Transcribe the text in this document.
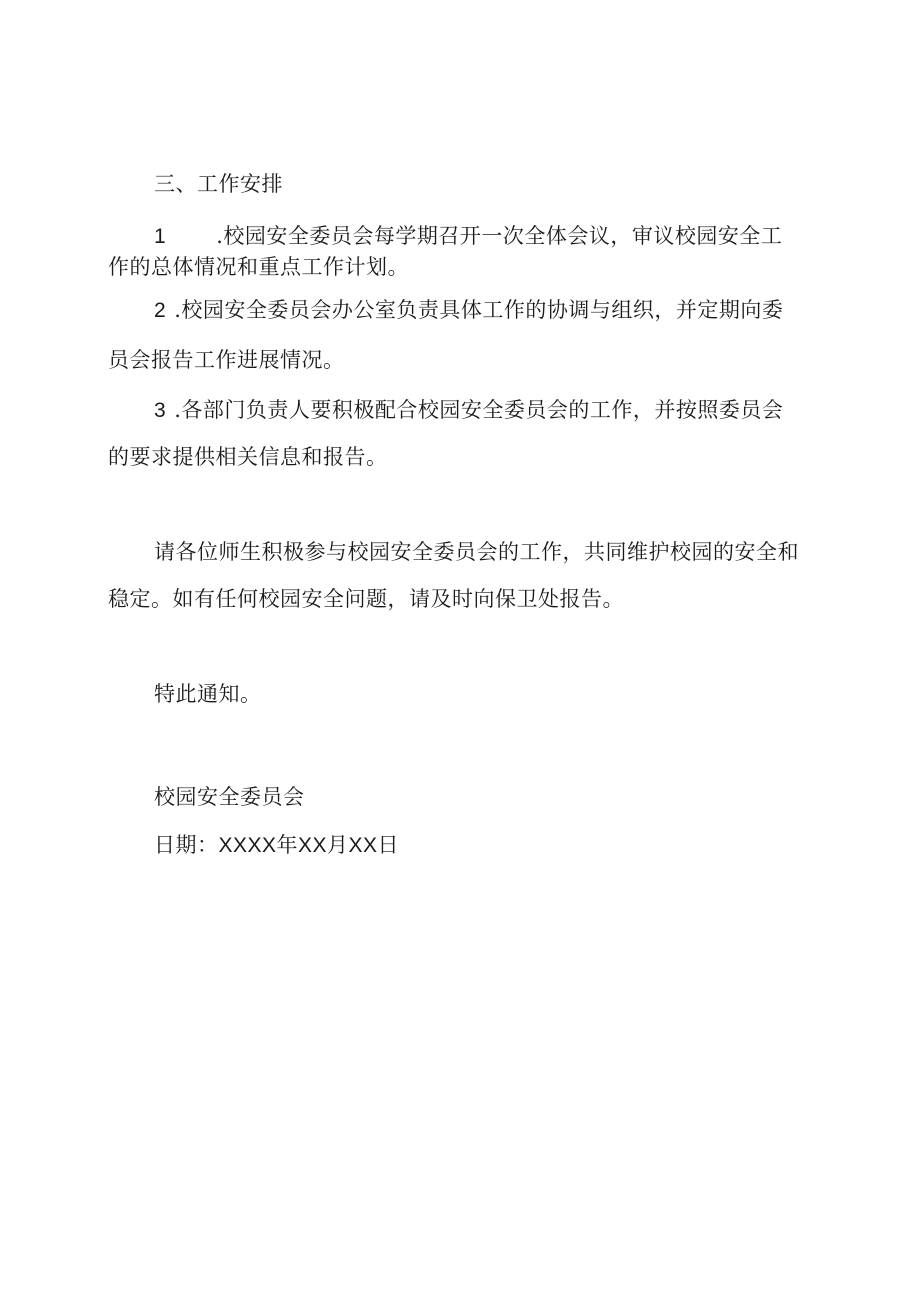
三、工作安排
1 .校园安全委员会每学期召开一次全体会议，审议校园安全工
作的总体情况和重点工作计划。
2 .校园安全委员会办公室负责具体工作的协调与组织，并定期向委
员会报告工作进展情况。
3 .各部门负责人要积极配合校园安全委员会的工作，并按照委员会
的要求提供相关信息和报告。
请各位师生积极参与校园安全委员会的工作，共同维护校园的安全和
稳定。如有任何校园安全问题，请及时向保卫处报告。
特此通知。
校园安全委员会
日期：XXXX年XX月XX日
